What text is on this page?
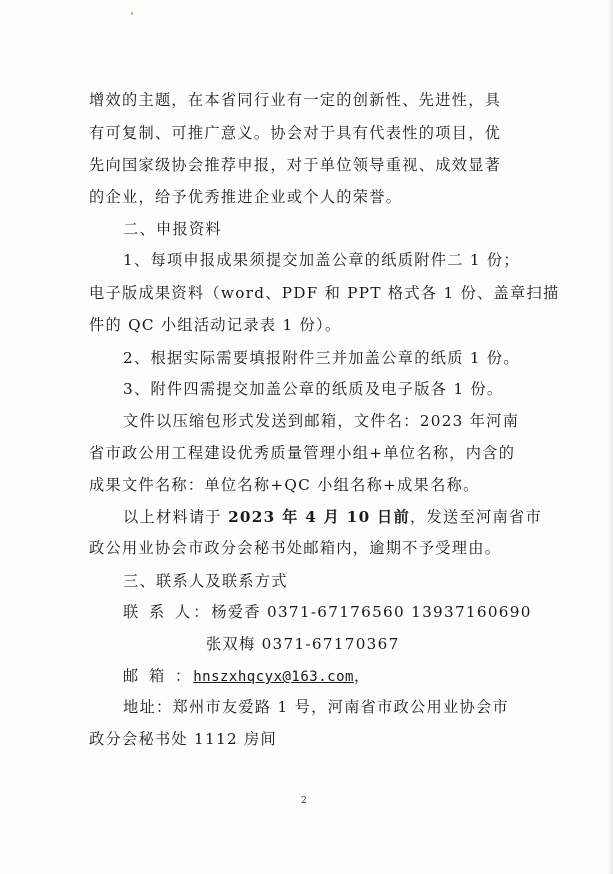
增效的主题，在本省同行业有一定的创新性、先进性，具
有可复制、可推广意义。协会对于具有代表性的项目，优
先向国家级协会推荐申报，对于单位领导重视、成效显著
的企业，给予优秀推进企业或个人的荣誉。
二、申报资料
1、每项申报成果须提交加盖公章的纸质附件二 1 份；
电子版成果资料（word、PDF 和 PPT 格式各 1 份、盖章扫描
件的 QC 小组活动记录表 1 份）。
2、根据实际需要填报附件三并加盖公章的纸质 1 份。
3、附件四需提交加盖公章的纸质及电子版各 1 份。
文件以压缩包形式发送到邮箱，文件名：2023 年河南
省市政公用工程建设优秀质量管理小组+单位名称，内含的
成果文件名称：单位名称+QC 小组名称+成果名称。
以上材料请于 2023 年 4 月 10 日前，发送至河南省市
政公用业协会市政分会秘书处邮箱内，逾期不予受理由。
三、联系人及联系方式
联 系 人：杨爱香 0371-67176560 13937160690
张双梅 0371-67170367
邮 箱 ：hnszxhqcyx@163.com，
地址：郑州市友爱路 1 号，河南省市政公用业协会市
政分会秘书处 1112 房间
2
